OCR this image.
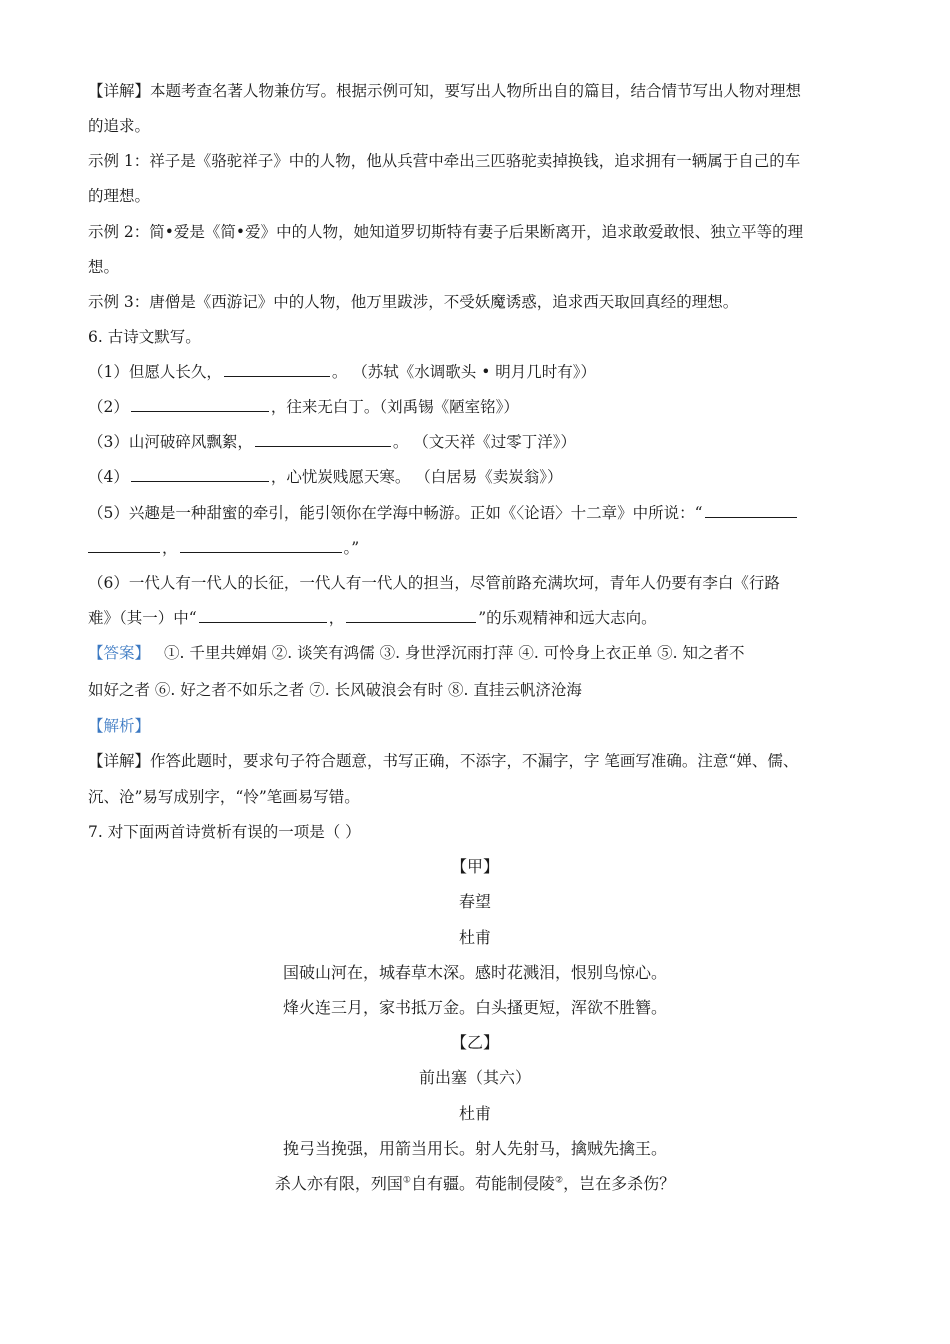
【详解】本题考查名著人物兼仿写。根据示例可知，要写出人物所出自的篇目，结合情节写出人物对理想
的追求。
示例 1：祥子是《骆驼祥子》中的人物，他从兵营中牵出三匹骆驼卖掉换钱，追求拥有一辆属于自己的车
的理想。
示例 2：简•爱是《简•爱》中的人物，她知道罗切斯特有妻子后果断离开，追求敢爱敢恨、独立平等的理
想。
示例 3：唐僧是《西游记》中的人物，他万里跋涉，不受妖魔诱惑，追求西天取回真经的理想。
6. 古诗文默写。
（1）但愿人长久，	。 （苏轼《水调歌头 • 明月几时有》）
（2）	，往来无白丁。（刘禹锡《陋室铭》）
（3）山河破碎风飘絮，	。 （文天祥《过零丁洋》）
（4）	，心忧炭贱愿天寒。 （白居易《卖炭翁》）
（5）兴趣是一种甜蜜的牵引，能引领你在学海中畅游。正如《〈论语〉十二章》中所说：“
，	。”
（6）一代人有一代人的长征，一代人有一代人的担当，尽管前路充满坎坷，青年人仍要有李白《行路
难》（其一）中“	，	”的乐观精神和远大志向。
【答案】 ①. 千里共婵娟 ②. 谈笑有鸿儒 ③. 身世浮沉雨打萍 ④. 可怜身上衣正单 ⑤. 知之者不
如好之者 ⑥. 好之者不如乐之者 ⑦. 长风破浪会有时 ⑧. 直挂云帆济沧海
【解析】
【详解】作答此题时，要求句子符合题意，书写正确，不添字，不漏字，字 笔画写准确。注意“婵、儒、
沉、沧”易写成别字，“怜”笔画易写错。
7. 对下面两首诗赏析有误的一项是（ ）
【甲】
春望
杜甫
国破山河在，城春草木深。感时花溅泪，恨别鸟惊心。
烽火连三月，家书抵万金。白头搔更短，浑欲不胜簪。
【乙】
前出塞（其六）
杜甫
挽弓当挽强，用箭当用长。射人先射马，擒贼先擒王。
杀人亦有限，列国①自有疆。苟能制侵陵②，岂在多杀伤？
